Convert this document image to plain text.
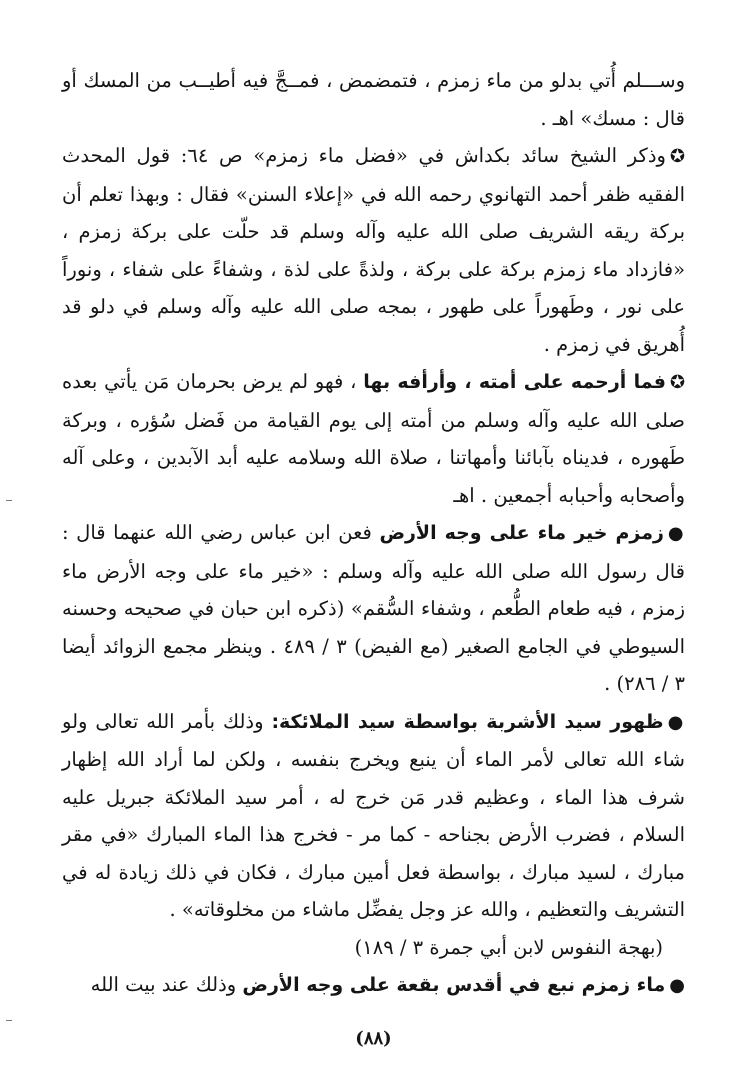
وســـلم أُتي بدلو من ماء زمزم ، فتمضمض ، فمــجَّ فيه أطيــب من المسك أو قال : مسك» اهـ .

✪وذكر الشيخ سائد بكداش في «فضل ماء زمزم» ص ٦٤: قول المحدث الفقيه ظفر أحمد التهانوي رحمه الله في «إعلاء السنن» فقال : وبهذا تعلم أن بركة ريقه الشريف صلى الله عليه وآله وسلم قد حلّت على بركة زمزم ، «فازداد ماء زمزم بركة على بركة ، ولذةً على لذة ، وشفاءً على شفاء ، ونوراً على نور ، وطَهوراً على طهور ، بمجه صلى الله عليه وآله وسلم في دلو قد أُهريق في زمزم .

✪فما أرحمه على أمته ، وأرأفه بها ، فهو لم يرض بحرمان مَن يأتي بعده صلى الله عليه وآله وسلم من أمته إلى يوم القيامة من فَضل سُؤره ، وبركة طَهوره ، فديناه بآبائنا وأمهاتنا ، صلاة الله وسلامه عليه أبد الآبدين ، وعلى آله وأصحابه وأحبابه أجمعين . اهـ

●زمزم خير ماء على وجه الأرض فعن ابن عباس رضي الله عنهما قال : قال رسول الله صلى الله عليه وآله وسلم : «خير ماء على وجه الأرض ماء زمزم ، فيه طعام الطُّعم ، وشفاء السُّقم» (ذكره ابن حبان في صحيحه وحسنه السيوطي في الجامع الصغير (مع الفيض) ٣ / ٤٨٩ . وينظر مجمع الزوائد أيضا ٣ / ٢٨٦) .

●ظهور سيد الأشربة بواسطة سيد الملائكة: وذلك بأمر الله تعالى ولو شاء الله تعالى لأمر الماء أن ينبع ويخرج بنفسه ، ولكن لما أراد الله إظهار شرف هذا الماء ، وعظيم قدر مَن خرج له ، أمر سيد الملائكة جبريل عليه السلام ، فضرب الأرض بجناحه - كما مر - فخرج هذا الماء المبارك «في مقر مبارك ، لسيد مبارك ، بواسطة فعل أمين مبارك ، فكان في ذلك زيادة له في التشريف والتعظيم ، والله عز وجل يفضِّل ماشاء من مخلوقاته» .

(بهجة النفوس لابن أبي جمرة ٣ / ١٨٩)

●ماء زمزم نبع في أقدس بقعة على وجه الأرض وذلك عند بيت الله

(٨٨)
